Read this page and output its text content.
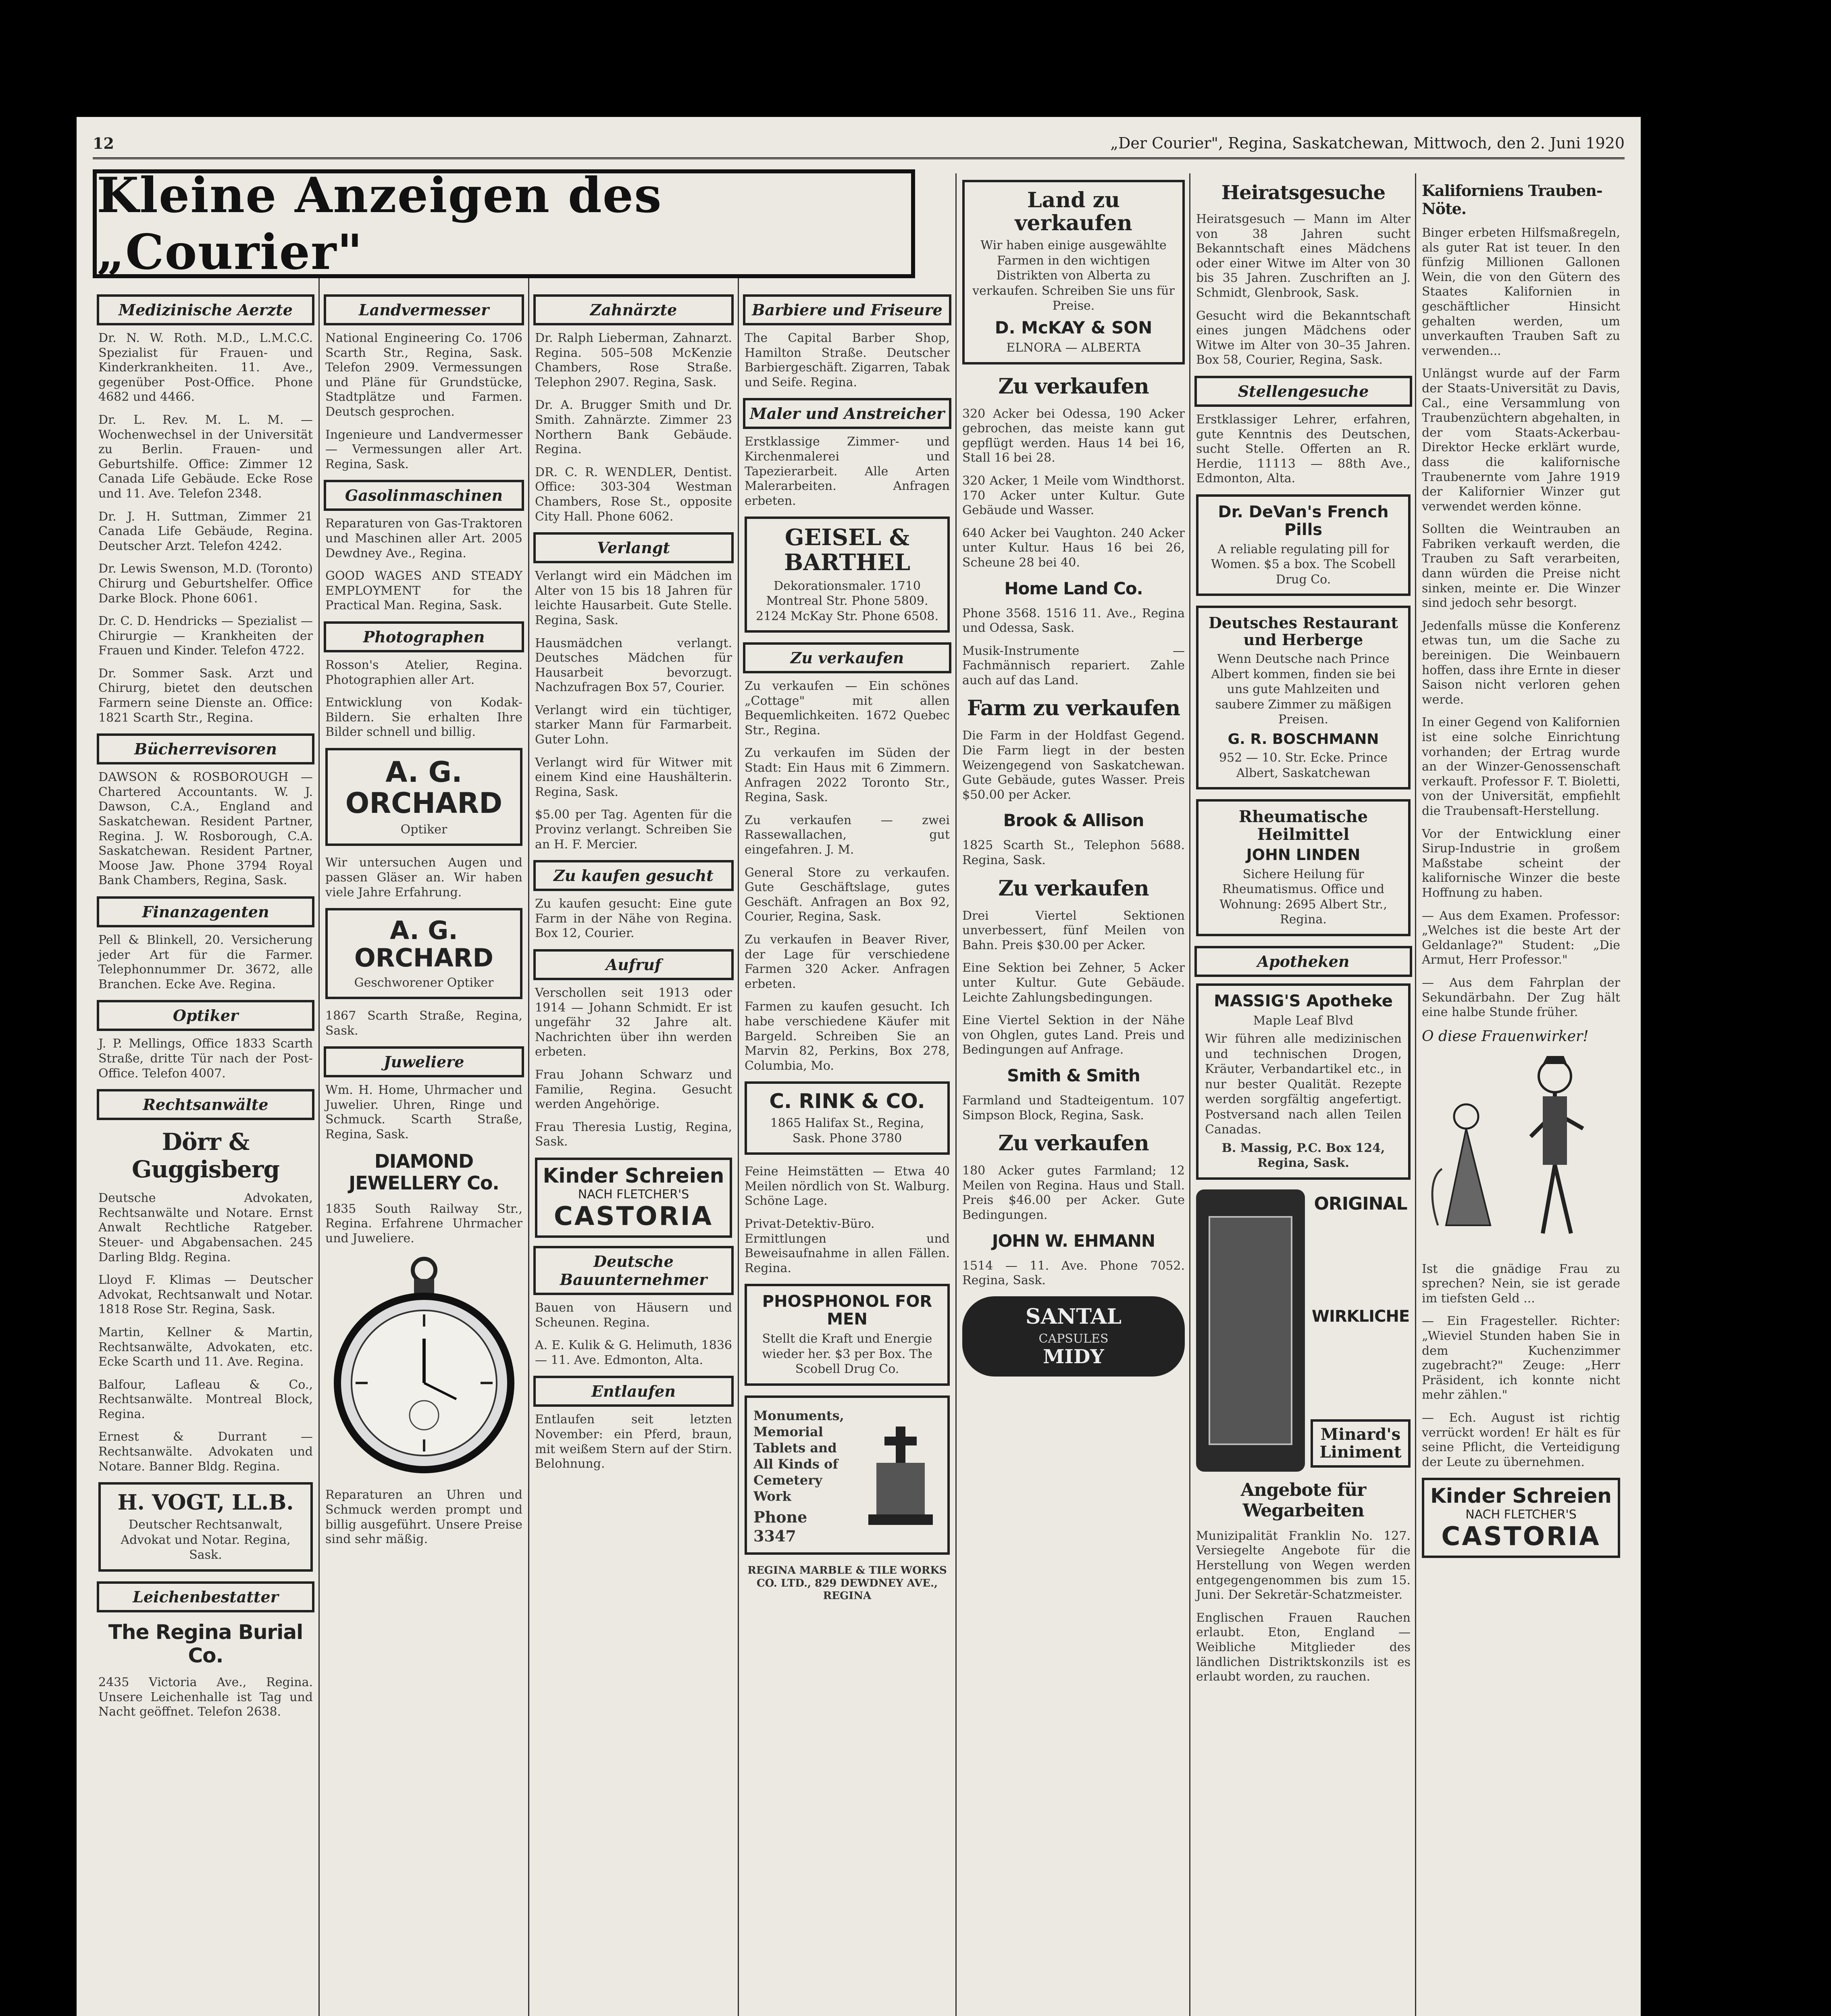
12	„Der Courier", Regina, Saskatchewan, Mittwoch, den 2. Juni 1920
Kleine Anzeigen des „Courier"
Medizinische Aerzte

Dr. N. W. Roth. M.D., L.M.C.C. Spezialist für Frauen- und Kinderkrankheiten. 11. Ave., gegenüber Post-Office. Phone 4682 und 4466.

Dr. L. Rev. M. L. M. — Wochenwechsel in der Universität zu Berlin. Frauen- und Geburtshilfe. Office: Zimmer 12 Canada Life Gebäude. Ecke Rose und 11. Ave. Telefon 2348.

Dr. J. H. Suttman, Zimmer 21 Canada Life Gebäude, Regina. Deutscher Arzt. Telefon 4242.

Dr. Lewis Swenson, M.D. (Toronto) Chirurg und Geburtshelfer. Office Darke Block. Phone 6061.

Dr. C. D. Hendricks — Spezialist — Chirurgie — Krankheiten der Frauen und Kinder. Telefon 4722.

Dr. Sommer Sask. Arzt und Chirurg, bietet den deutschen Farmern seine Dienste an. Office: 1821 Scarth Str., Regina.

Bücherrevisoren

DAWSON & ROSBOROUGH — Chartered Accountants. W. J. Dawson, C.A., England and Saskatchewan. Resident Partner, Regina. J. W. Rosborough, C.A. Saskatchewan. Resident Partner, Moose Jaw. Phone 3794 Royal Bank Chambers, Regina, Sask.

Finanzagenten

Pell & Blinkell, 20. Versicherung jeder Art für die Farmer. Telephonnummer Dr. 3672, alle Branchen. Ecke Ave. Regina.

Optiker

J. P. Mellings, Office 1833 Scarth Straße, dritte Tür nach der Post-Office. Telefon 4007.

Rechtsanwälte
Dörr & Guggisberg

Deutsche Advokaten, Rechtsanwälte und Notare. Ernst Anwalt Rechtliche Ratgeber. Steuer- und Abgabensachen. 245 Darling Bldg. Regina.

Lloyd F. Klimas — Deutscher Advokat, Rechtsanwalt und Notar. 1818 Rose Str. Regina, Sask.

Martin, Kellner & Martin, Rechtsanwälte, Advokaten, etc. Ecke Scarth und 11. Ave. Regina.

Balfour, Lafleau & Co., Rechtsanwälte. Montreal Block, Regina.

Ernest & Durrant — Rechtsanwälte. Advokaten und Notare. Banner Bldg. Regina.

H. VOGT, LL.B.
Deutscher Rechtsanwalt, Advokat und Notar. Regina, Sask.
Leichenbestatter
The Regina Burial Co.

2435 Victoria Ave., Regina. Unsere Leichenhalle ist Tag und Nacht geöffnet. Telefon 2638.

Landvermesser

National Engineering Co. 1706 Scarth Str., Regina, Sask. Telefon 2909. Vermessungen und Pläne für Grundstücke, Stadtplätze und Farmen. Deutsch gesprochen.

Ingenieure und Landvermesser — Vermessungen aller Art. Regina, Sask.

Gasolinmaschinen

Reparaturen von Gas-Traktoren und Maschinen aller Art. 2005 Dewdney Ave., Regina.

GOOD WAGES AND STEADY EMPLOYMENT for the Practical Man. Regina, Sask.

Photographen

Rosson's Atelier, Regina. Photographien aller Art.

Entwicklung von Kodak-Bildern. Sie erhalten Ihre Bilder schnell und billig.

A. G. ORCHARD
Optiker

Wir untersuchen Augen und passen Gläser an. Wir haben viele Jahre Erfahrung.

A. G. ORCHARD
Geschworener Optiker

1867 Scarth Straße, Regina, Sask.

Juweliere

Wm. H. Home, Uhrmacher und Juwelier. Uhren, Ringe und Schmuck. Scarth Straße, Regina, Sask.

DIAMOND JEWELLERY Co.

1835 South Railway Str., Regina. Erfahrene Uhrmacher und Juweliere.

Reparaturen an Uhren und Schmuck werden prompt und billig ausgeführt. Unsere Preise sind sehr mäßig.

Zahnärzte

Dr. Ralph Lieberman, Zahnarzt. Regina. 505–508 McKenzie Chambers, Rose Straße. Telephon 2907. Regina, Sask.

Dr. A. Brugger Smith und Dr. Smith. Zahnärzte. Zimmer 23 Northern Bank Gebäude. Regina.

DR. C. R. WENDLER, Dentist. Office: 303-304 Westman Chambers, Rose St., opposite City Hall. Phone 6062.

Verlangt

Verlangt wird ein Mädchen im Alter von 15 bis 18 Jahren für leichte Hausarbeit. Gute Stelle. Regina, Sask.

Hausmädchen verlangt. Deutsches Mädchen für Hausarbeit bevorzugt. Nachzufragen Box 57, Courier.

Verlangt wird ein tüchtiger, starker Mann für Farmarbeit. Guter Lohn.

Verlangt wird für Witwer mit einem Kind eine Haushälterin. Regina, Sask.

$5.00 per Tag. Agenten für die Provinz verlangt. Schreiben Sie an H. F. Mercier.

Zu kaufen gesucht

Zu kaufen gesucht: Eine gute Farm in der Nähe von Regina. Box 12, Courier.

Aufruf

Verschollen seit 1913 oder 1914 — Johann Schmidt. Er ist ungefähr 32 Jahre alt. Nachrichten über ihn werden erbeten.

Frau Johann Schwarz und Familie, Regina. Gesucht werden Angehörige.

Frau Theresia Lustig, Regina, Sask.

Kinder Schreien
NACH FLETCHER'S
CASTORIA
Deutsche Bauunternehmer

Bauen von Häusern und Scheunen. Regina.

A. E. Kulik & G. Helimuth, 1836 — 11. Ave. Edmonton, Alta.

Entlaufen

Entlaufen seit letzten November: ein Pferd, braun, mit weißem Stern auf der Stirn. Belohnung.

Barbiere und Friseure

The Capital Barber Shop, Hamilton Straße. Deutscher Barbiergeschäft. Zigarren, Tabak und Seife. Regina.

Maler und Anstreicher

Erstklassige Zimmer- und Kirchenmalerei und Tapezierarbeit. Alle Arten Malerarbeiten. Anfragen erbeten.

GEISEL & BARTHEL
Dekorationsmaler. 1710 Montreal Str. Phone 5809. 2124 McKay Str. Phone 6508.
Zu verkaufen

Zu verkaufen — Ein schönes „Cottage" mit allen Bequemlichkeiten. 1672 Quebec Str., Regina.

Zu verkaufen im Süden der Stadt: Ein Haus mit 6 Zimmern. Anfragen 2022 Toronto Str., Regina, Sask.

Zu verkaufen — zwei Rassewallachen, gut eingefahren. J. M.

General Store zu verkaufen. Gute Geschäftslage, gutes Geschäft. Anfragen an Box 92, Courier, Regina, Sask.

Zu verkaufen in Beaver River, der Lage für verschiedene Farmen 320 Acker. Anfragen erbeten.

Farmen zu kaufen gesucht. Ich habe verschiedene Käufer mit Bargeld. Schreiben Sie an Marvin 82, Perkins, Box 278, Columbia, Mo.

C. RINK & CO.
1865 Halifax St., Regina, Sask. Phone 3780

Feine Heimstätten — Etwa 40 Meilen nördlich von St. Walburg. Schöne Lage.

Privat-Detektiv-Büro. Ermittlungen und Beweisaufnahme in allen Fällen. Regina.

PHOSPHONOL FOR MEN
Stellt die Kraft und Energie wieder her. $3 per Box. The Scobell Drug Co.
Monuments, Memorial Tablets and All Kinds of Cemetery Work
Phone 3347

REGINA MARBLE & TILE WORKS CO. LTD., 829 DEWDNEY AVE., REGINA

Land zu verkaufen
Wir haben einige ausgewählte Farmen in den wichtigen Distrikten von Alberta zu verkaufen. Schreiben Sie uns für Preise.
D. McKAY & SON
ELNORA — ALBERTA
Zu verkaufen

320 Acker bei Odessa, 190 Acker gebrochen, das meiste kann gut gepflügt werden. Haus 14 bei 16, Stall 16 bei 28.

320 Acker, 1 Meile vom Windthorst. 170 Acker unter Kultur. Gute Gebäude und Wasser.

640 Acker bei Vaughton. 240 Acker unter Kultur. Haus 16 bei 26, Scheune 28 bei 40.

Home Land Co.

Phone 3568. 1516 11. Ave., Regina und Odessa, Sask.

Musik-Instrumente — Fachmännisch repariert. Zahle auch auf das Land.

Farm zu verkaufen

Die Farm in der Holdfast Gegend. Die Farm liegt in der besten Weizengegend von Saskatchewan. Gute Gebäude, gutes Wasser. Preis $50.00 per Acker.

Brook & Allison

1825 Scarth St., Telephon 5688. Regina, Sask.

Zu verkaufen

Drei Viertel Sektionen unverbessert, fünf Meilen von Bahn. Preis $30.00 per Acker.

Eine Sektion bei Zehner, 5 Acker unter Kultur. Gute Gebäude. Leichte Zahlungsbedingungen.

Eine Viertel Sektion in der Nähe von Ohglen, gutes Land. Preis und Bedingungen auf Anfrage.

Smith & Smith

Farmland und Stadteigentum. 107 Simpson Block, Regina, Sask.

Zu verkaufen

180 Acker gutes Farmland; 12 Meilen von Regina. Haus und Stall. Preis $46.00 per Acker. Gute Bedingungen.

JOHN W. EHMANN

1514 — 11. Ave. Phone 7052. Regina, Sask.

SANTAL
CAPSULES
MIDY
Heiratsgesuche

Heiratsgesuch — Mann im Alter von 38 Jahren sucht Bekanntschaft eines Mädchens oder einer Witwe im Alter von 30 bis 35 Jahren. Zuschriften an J. Schmidt, Glenbrook, Sask.

Gesucht wird die Bekanntschaft eines jungen Mädchens oder Witwe im Alter von 30–35 Jahren. Box 58, Courier, Regina, Sask.

Stellengesuche

Erstklassiger Lehrer, erfahren, gute Kenntnis des Deutschen, sucht Stelle. Offerten an R. Herdie, 11113 — 88th Ave., Edmonton, Alta.

Dr. DeVan's French Pills
A reliable regulating pill for Women. $5 a box. The Scobell Drug Co.
Deutsches Restaurant und Herberge
Wenn Deutsche nach Prince Albert kommen, finden sie bei uns gute Mahlzeiten und saubere Zimmer zu mäßigen Preisen.
G. R. BOSCHMANN
952 — 10. Str. Ecke. Prince Albert, Saskatchewan
Rheumatische Heilmittel
JOHN LINDEN
Sichere Heilung für Rheumatismus. Office und Wohnung: 2695 Albert Str., Regina.
Apotheken
MASSIG'S Apotheke
Maple Leaf Blvd
Wir führen alle medizinischen und technischen Drogen, Kräuter, Verbandartikel etc., in nur bester Qualität. Rezepte werden sorgfältig angefertigt. Postversand nach allen Teilen Canadas.
B. Massig, P.C. Box 124, Regina, Sask.
ORIGINAL
WIRKLICHE
Minard's Liniment
Angebote für Wegarbeiten

Munizipalität Franklin No. 127. Versiegelte Angebote für die Herstellung von Wegen werden entgegengenommen bis zum 15. Juni. Der Sekretär-Schatzmeister.

Englischen Frauen Rauchen erlaubt. Eton, England — Weibliche Mitglieder des ländlichen Distriktskonzils ist es erlaubt worden, zu rauchen.

Kaliforniens Trauben-Nöte.

Binger erbeten Hilfsmaßregeln, als guter Rat ist teuer. In den fünfzig Millionen Gallonen Wein, die von den Gütern des Staates Kalifornien in geschäftlicher Hinsicht gehalten werden, um unverkauften Trauben Saft zu verwenden...

Unlängst wurde auf der Farm der Staats-Universität zu Davis, Cal., eine Versammlung von Traubenzüchtern abgehalten, in der vom Staats-Ackerbau-Direktor Hecke erklärt wurde, dass die kalifornische Traubenernte vom Jahre 1919 der Kalifornier Winzer gut verwendet werden könne.

Sollten die Weintrauben an Fabriken verkauft werden, die Trauben zu Saft verarbeiten, dann würden die Preise nicht sinken, meinte er. Die Winzer sind jedoch sehr besorgt.

Jedenfalls müsse die Konferenz etwas tun, um die Sache zu bereinigen. Die Weinbauern hoffen, dass ihre Ernte in dieser Saison nicht verloren gehen werde.

In einer Gegend von Kalifornien ist eine solche Einrichtung vorhanden; der Ertrag wurde an der Winzer-Genossenschaft verkauft. Professor F. T. Bioletti, von der Universität, empfiehlt die Traubensaft-Herstellung.

Vor der Entwicklung einer Sirup-Industrie in großem Maßstabe scheint der kalifornische Winzer die beste Hoffnung zu haben.

— Aus dem Examen. Professor: „Welches ist die beste Art der Geldanlage?" Student: „Die Armut, Herr Professor."

— Aus dem Fahrplan der Sekundärbahn. Der Zug hält eine halbe Stunde früher.

O diese Frauenwirker!

Ist die gnädige Frau zu sprechen? Nein, sie ist gerade im tiefsten Geld ...

— Ein Fragesteller. Richter: „Wieviel Stunden haben Sie in dem Kuchenzimmer zugebracht?" Zeuge: „Herr Präsident, ich konnte nicht mehr zählen."

— Ech. August ist richtig verrückt worden! Er hält es für seine Pflicht, die Verteidigung der Leute zu übernehmen.

Kinder Schreien
NACH FLETCHER'S
CASTORIA
